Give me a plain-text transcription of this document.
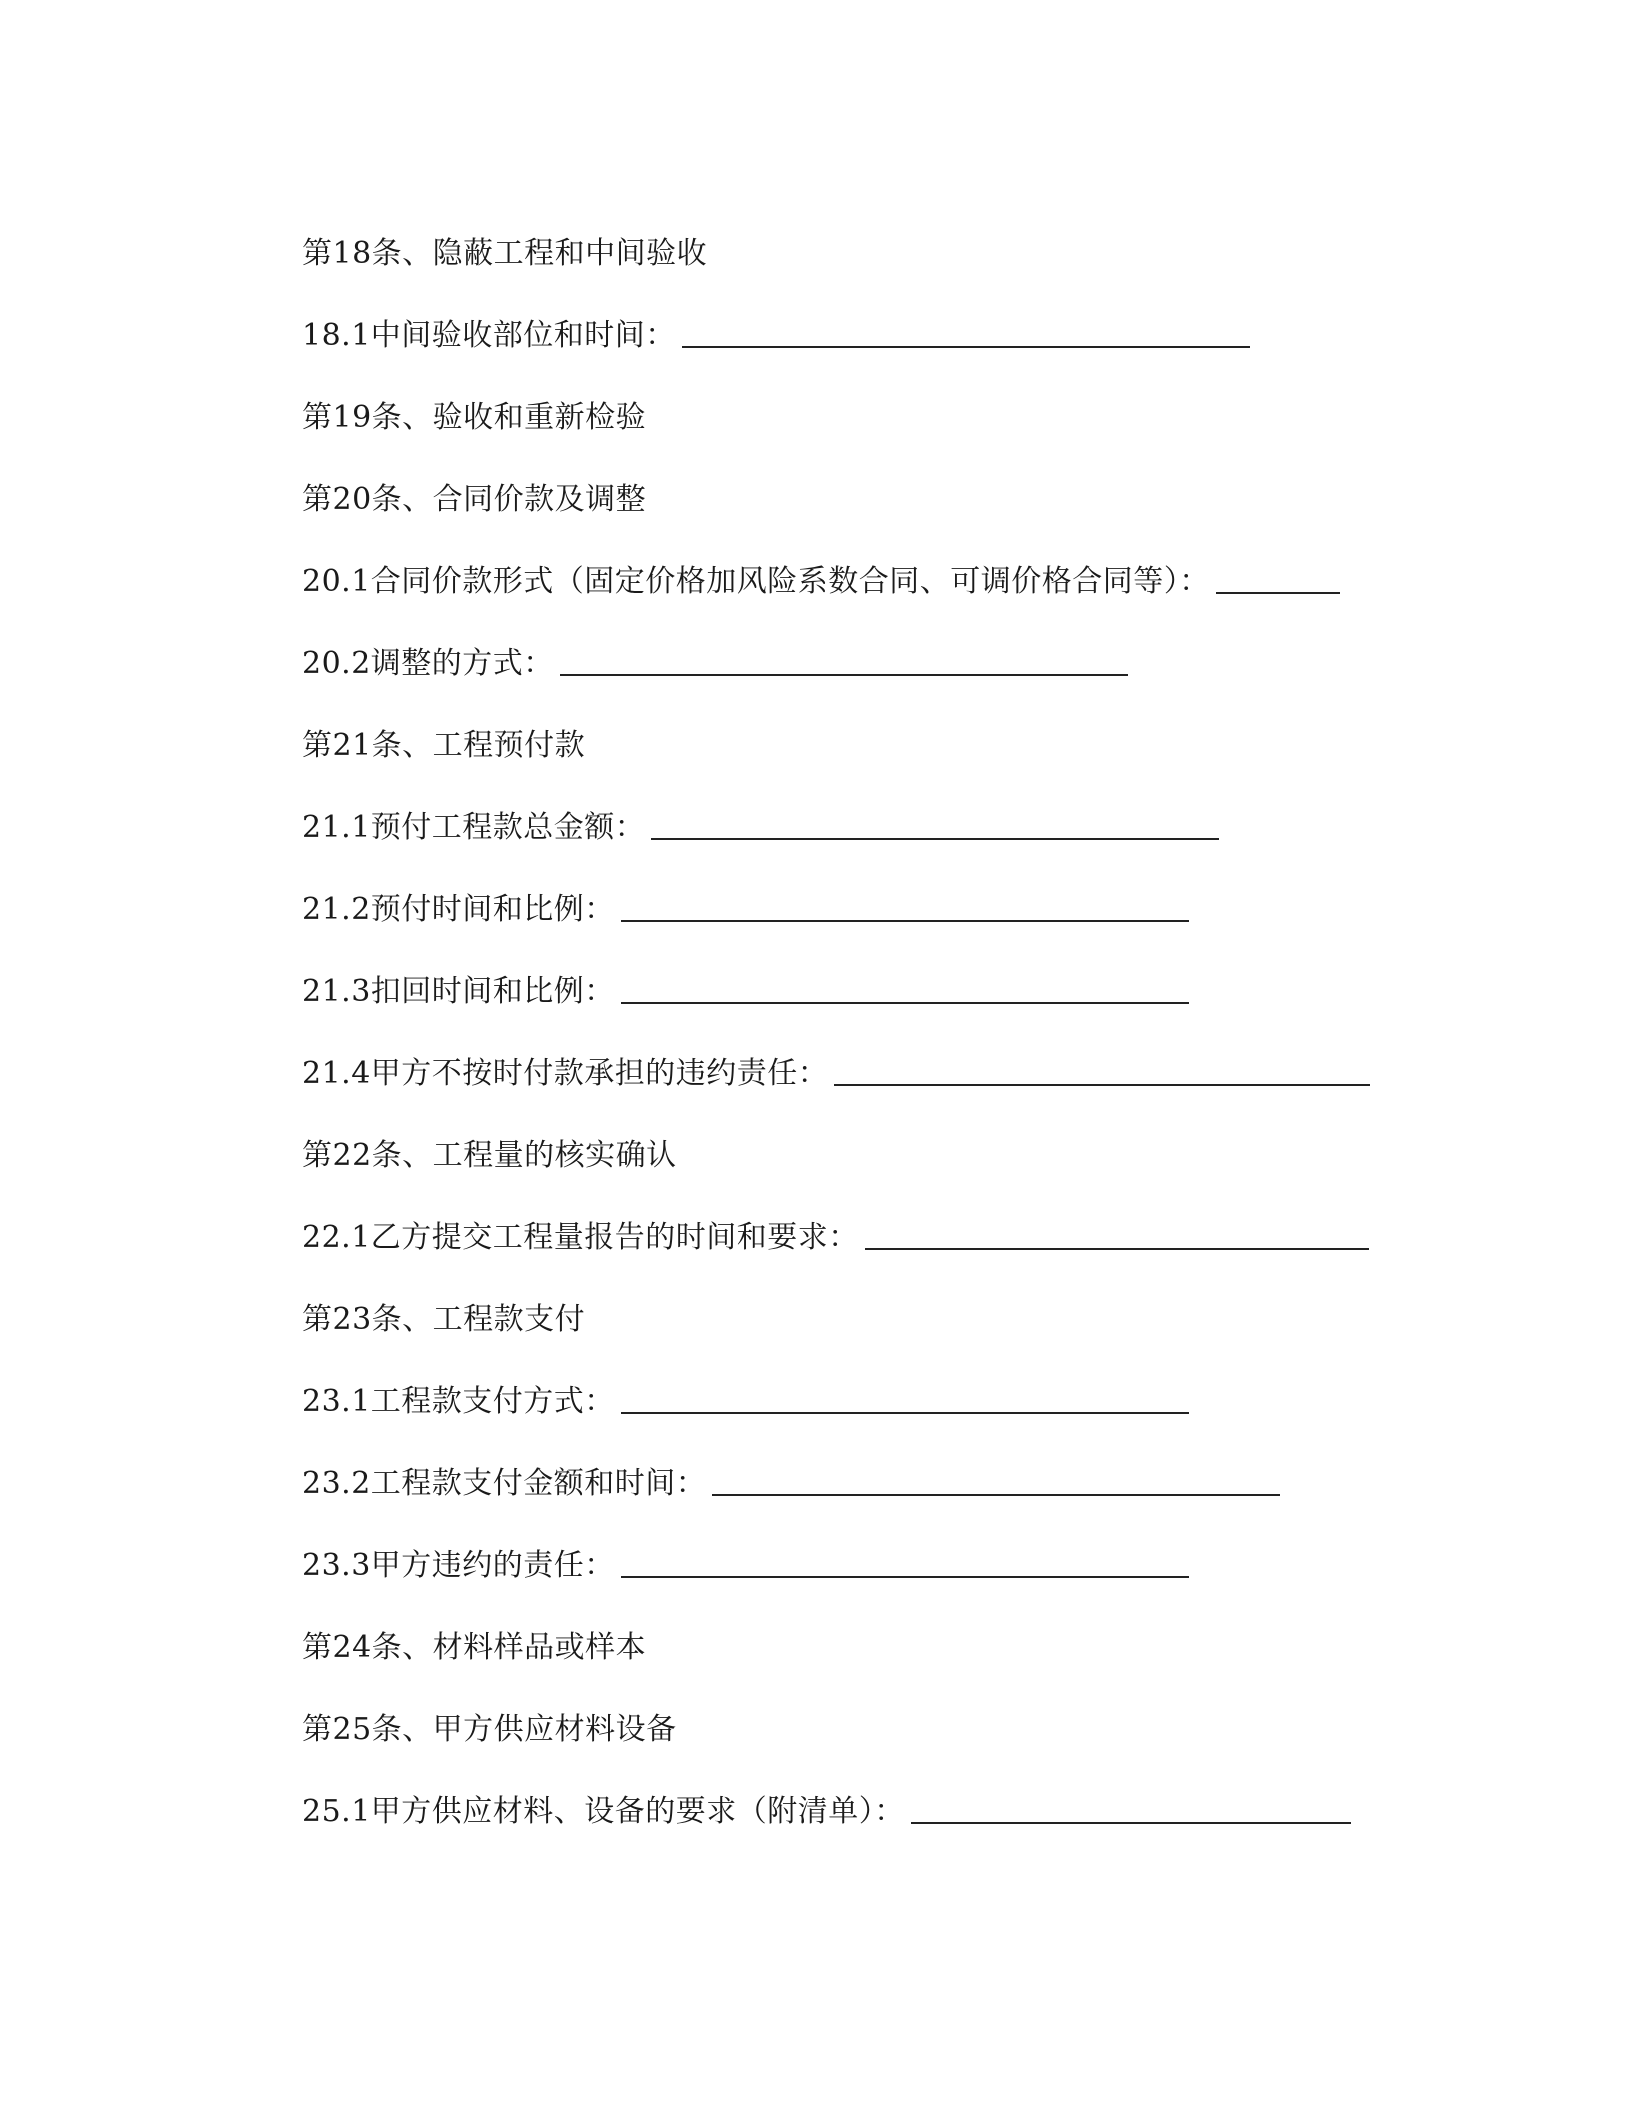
第18条、隐蔽工程和中间验收
18.1中间验收部位和时间：
第19条、验收和重新检验
第20条、合同价款及调整
20.1合同价款形式（固定价格加风险系数合同、可调价格合同等）：
20.2调整的方式：
第21条、工程预付款
21.1预付工程款总金额：
21.2预付时间和比例：
21.3扣回时间和比例：
21.4甲方不按时付款承担的违约责任：
第22条、工程量的核实确认
22.1乙方提交工程量报告的时间和要求：
第23条、工程款支付
23.1工程款支付方式：
23.2工程款支付金额和时间：
23.3甲方违约的责任：
第24条、材料样品或样本
第25条、甲方供应材料设备
25.1甲方供应材料、设备的要求（附清单）：
